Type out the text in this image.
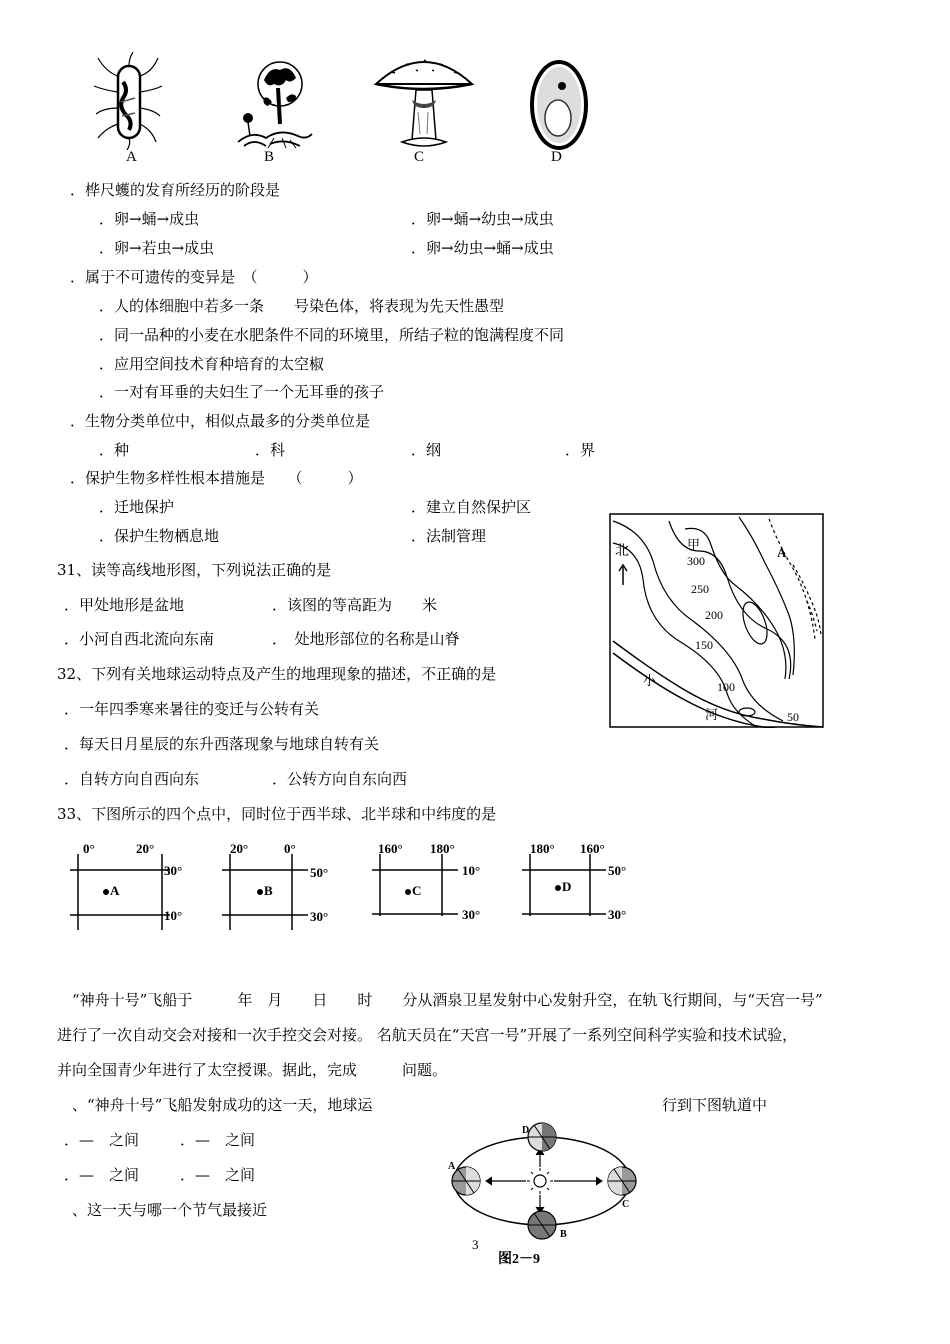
A	B	C	D
．桦尺蠖的发育所经历的阶段是
．卵→蛹→成虫	．卵→蛹→幼虫→成虫
．卵→若虫→成虫	．卵→幼虫→蛹→成虫
．属于不可遗传的变异是　（　　　）
．人的体细胞中若多一条　　号染色体，将表现为先天性愚型
．同一品种的小麦在水肥条件不同的环境里，所结子粒的饱满程度不同
．应用空间技术育种培育的太空椒
．一对有耳垂的夫妇生了一个无耳垂的孩子
．生物分类单位中，相似点最多的分类单位是
．种	．科	．纲	．界
．保护生物多样性根本措施是　　（　　　）
．迁地保护	．建立自然保护区
．保护生物栖息地	．法制管理
北	甲
A
小
河
300
250
200
150
100
50
31、读等高线地形图，下列说法正确的是
．甲处地形是盆地	．该图的等高距为　　米
．小河自西北流向东南	．　处地形部位的名称是山脊
32、下列有关地球运动特点及产生的地理现象的描述，不正确的是
．一年四季寒来暑往的变迁与公转有关
．每天日月星辰的东升西落现象与地球自转有关
．自转方向自西向东	．公转方向自东向西
33、下图所示的四个点中，同时位于西半球、北半球和中纬度的是
0°	20°
30°
10°
A
20°	0°
50°
30°
B
160° 180°
10°
30°
C
180° 160°
50°
30°
D
“神舟十号”飞船于　　　年　月　　日　　时　　分从酒泉卫星发射中心发射升空，在轨飞行期间，与“天宫一号”
进行了一次自动交会对接和一次手控交会对接。 名航天员在“天宫一号”开展了一系列空间科学实验和技术试验，
并向全国青少年进行了太空授课。据此，完成　　　问题。
、“神舟十号”飞船发射成功的这一天，地球运	行到下图轨道中
．—　之间	．—　之间
．—　之间	．—　之间
、这一天与哪一个节气最接近
A
B
C
D
3
图2－9
